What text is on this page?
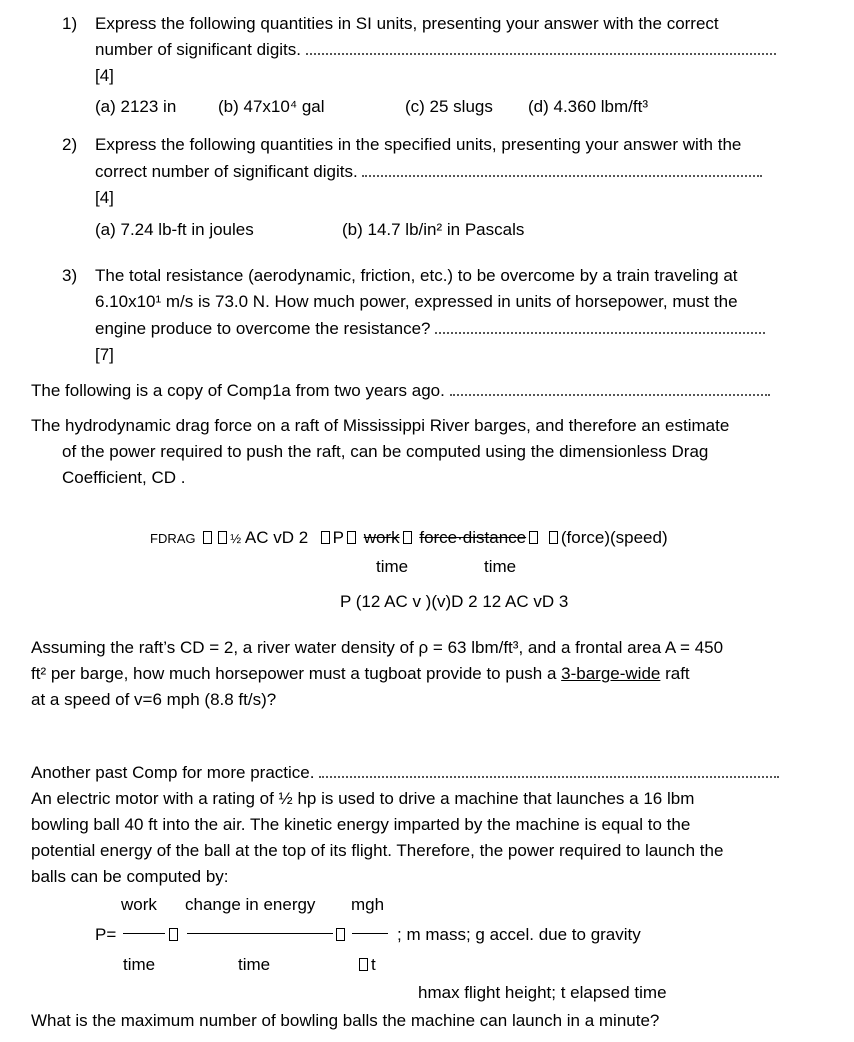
1) Express the following quantities in SI units, presenting your answer with the correct
number of significant digits.
[4]
(a) 2123 in (b) 47x10⁴ gal	(c) 25 slugs (d) 4.360 lbm/ft³
2) Express the following quantities in the specified units, presenting your answer with the
correct number of significant digits.
[4]
(a) 7.24 lb-ft in joules	(b) 14.7 lb/in² in Pascals
3) The total resistance (aerodynamic, friction, etc.) to be overcome by a train traveling at
6.10x10¹ m/s is 73.0 N. How much power, expressed in units of horsepower, must the
engine produce to overcome the resistance?
[7]
The following is a copy of Comp1a from two years ago.
The hydrodynamic drag force on a raft of Mississippi River barges, and therefore an estimate
of the power required to push the raft, can be computed using the dimensionless Drag
Coefficient, CD .
FDRAG	½ AC vD 2 P work force·distance (force)(speed)
time	time
P (12 AC v )(v)D 2 12 AC vD 3
Assuming the raft’s CD = 2, a river water density of ρ = 63 lbm/ft³, and a frontal area A = 450
ft² per barge, how much horsepower must a tugboat provide to push a 3-barge-wide raft
at a speed of v=6 mph (8.8 ft/s)?
Another past Comp for more practice.
An electric motor with a rating of ½ hp is used to drive a machine that launches a 16 lbm
bowling ball 40 ft into the air. The kinetic energy imparted by the machine is equal to the
potential energy of the ball at the top of its flight. Therefore, the power required to launch the
balls can be computed by:
work change in energy mgh
P=	; m mass; g accel. due to gravity
time	time	t
hmax flight height; t elapsed time
What is the maximum number of bowling balls the machine can launch in a minute?
